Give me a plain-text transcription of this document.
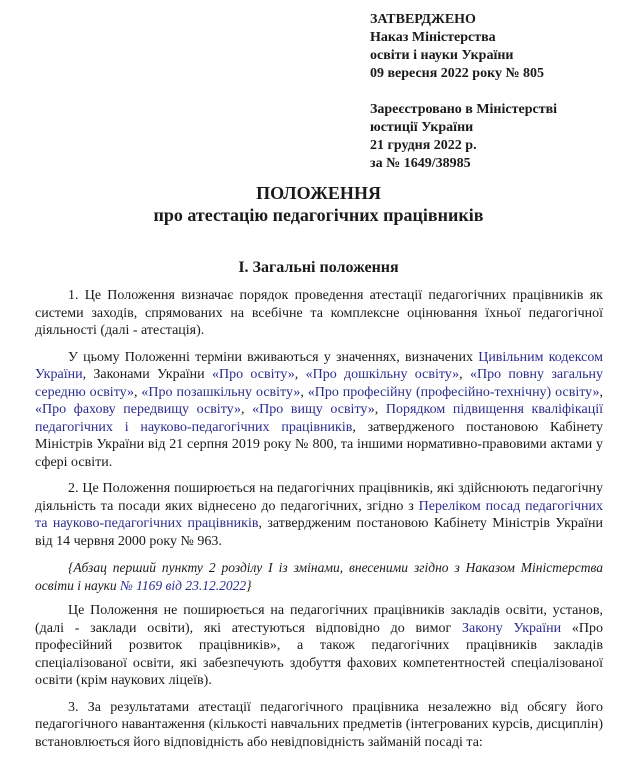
ЗАТВЕРДЖЕНО
Наказ Міністерства
освіти і науки України
09 вересня 2022 року № 805
Зареєстровано в Міністерстві
юстиції України
21 грудня 2022 р.
за № 1649/38985
ПОЛОЖЕННЯ
про атестацію педагогічних працівників
I. Загальні положення

1. Це Положення визначає порядок проведення атестації педагогічних працівників як системи заходів, спрямованих на всебічне та комплексне оцінювання їхньої педагогічної діяльності (далі - атестація).

У цьому Положенні терміни вживаються у значеннях, визначених Цивільним кодексом України, Законами України «Про освіту», «Про дошкільну освіту», «Про повну загальну середню освіту», «Про позашкільну освіту», «Про професійну (професійно-технічну) освіту», «Про фахову передвищу освіту», «Про вищу освіту», Порядком підвищення кваліфікації педагогічних і науково-педагогічних працівників, затвердженого постановою Кабінету Міністрів України від 21 серпня 2019 року № 800, та іншими нормативно-правовими актами у сфері освіти.

2. Це Положення поширюється на педагогічних працівників, які здійснюють педагогічну діяльність та посади яких віднесено до педагогічних, згідно з Переліком посад педагогічних та науково-педагогічних працівників, затвердженим постановою Кабінету Міністрів України від 14 червня 2000 року № 963.

{Абзац перший пункту 2 розділу I із змінами, внесеними згідно з Наказом Міністерства освіти і науки № 1169 від 23.12.2022}

Це Положення не поширюється на педагогічних працівників закладів освіти, установ, (далі - заклади освіти), які атестуються відповідно до вимог Закону України «Про професійний розвиток працівників», а також педагогічних працівників закладів спеціалізованої освіти, які забезпечують здобуття фахових компетентностей спеціалізованої освіти (крім наукових ліцеїв).

3. За результатами атестації педагогічного працівника незалежно від обсягу його педагогічного навантаження (кількості навчальних предметів (інтегрованих курсів, дисциплін) встановлюється його відповідність або невідповідність займаній посаді та:
